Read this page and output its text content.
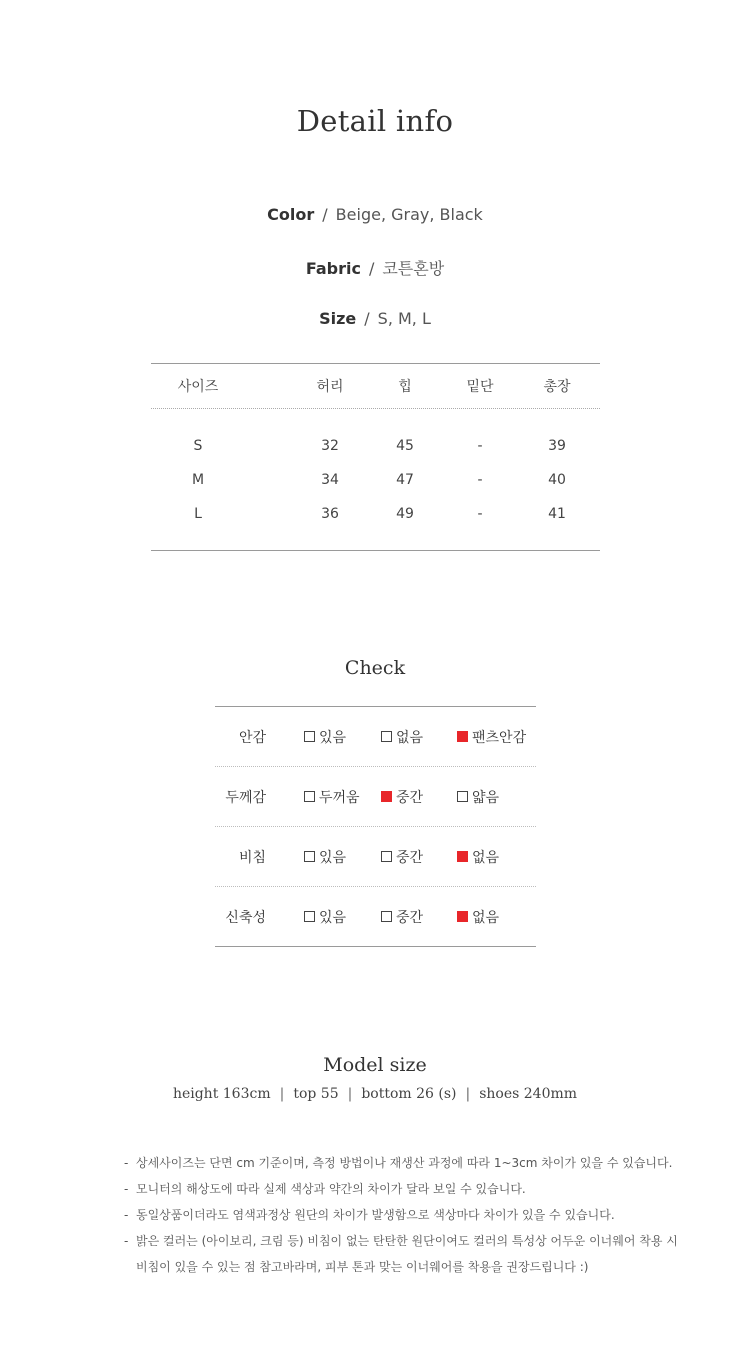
Detail info
Color / Beige, Gray, Black
Fabric / 코튼혼방
Size / S, M, L
사이즈	허리	힙	밑단	총장
S	32	45	-	39
M	34	47	-	40
L	36	49	-	41
Check
안감	있음	없음	팬츠안감
두께감	두꺼움	중간	얇음
비침	있음	중간	없음
신축성	있음	중간	없음
Model size
height 163cm | top 55 | bottom 26 (s) | shoes 240mm
- 상세사이즈는 단면 cm 기준이며, 측정 방법이나 재생산 과정에 따라 1~3cm 차이가 있을 수 있습니다.
- 모니터의 해상도에 따라 실제 색상과 약간의 차이가 달라 보일 수 있습니다.
- 동일상품이더라도 염색과정상 원단의 차이가 발생함으로 색상마다 차이가 있을 수 있습니다.
- 밝은 컬러는 (아이보리, 크림 등) 비침이 없는 탄탄한 원단이여도 컬러의 특성상 어두운 이너웨어 착용 시
비침이 있을 수 있는 점 참고바라며, 피부 톤과 맞는 이너웨어를 착용을 권장드립니다 :)
